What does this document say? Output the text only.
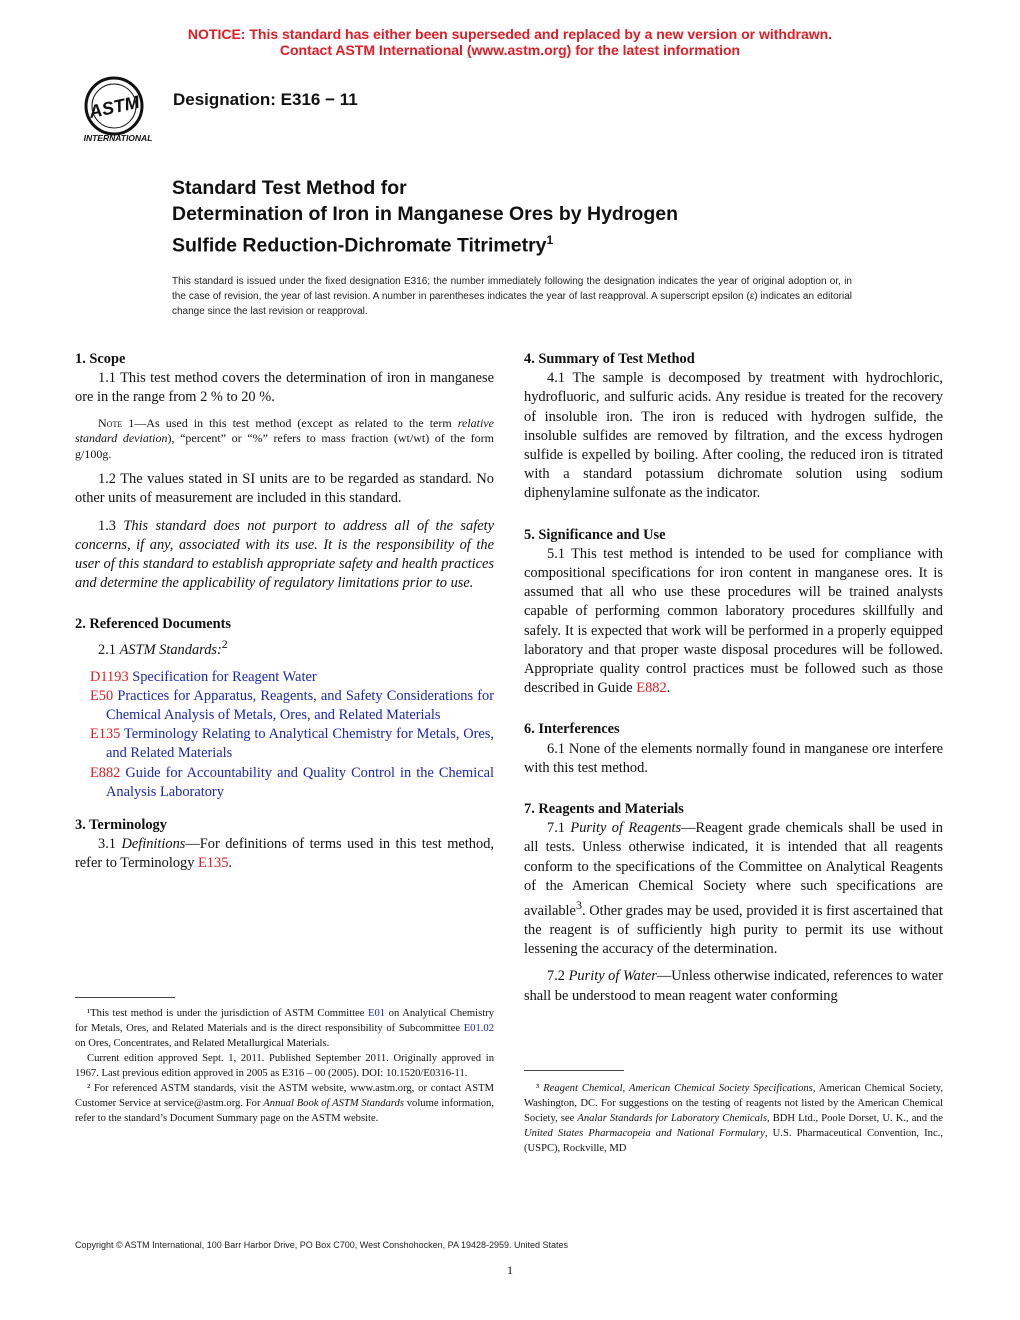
NOTICE: This standard has either been superseded and replaced by a new version or withdrawn.
Contact ASTM International (www.astm.org) for the latest information
ASTM
INTERNATIONAL
Designation: E316 − 11
Standard Test Method for
Determination of Iron in Manganese Ores by Hydrogen
Sulfide Reduction-Dichromate Titrimetry$^1$
This standard is issued under the fixed designation E316; the number immediately following the designation indicates the year of original adoption or, in the case of revision, the year of last revision. A number in parentheses indicates the year of last reapproval. A superscript epsilon (ε) indicates an editorial change since the last revision or reapproval.

1. Scope

1.1 This test method covers the determination of iron in manganese ore in the range from 2 % to 20 %.

Note 1—As used in this test method (except as related to the term relative standard deviation), “percent” or “%” refers to mass fraction (wt/wt) of the form g/100g.

1.2 The values stated in SI units are to be regarded as standard. No other units of measurement are included in this standard.

1.3 This standard does not purport to address all of the safety concerns, if any, associated with its use. It is the responsibility of the user of this standard to establish appropriate safety and health practices and determine the applicability of regulatory limitations prior to use.

2. Referenced Documents

2.1 ASTM Standards:$^2$

D1193 Specification for Reagent Water

E50 Practices for Apparatus, Reagents, and Safety Considerations for Chemical Analysis of Metals, Ores, and Related Materials

E135 Terminology Relating to Analytical Chemistry for Metals, Ores, and Related Materials

E882 Guide for Accountability and Quality Control in the Chemical Analysis Laboratory

3. Terminology

3.1 Definitions—For definitions of terms used in this test method, refer to Terminology E135.

4. Summary of Test Method

4.1 The sample is decomposed by treatment with hydrochloric, hydrofluoric, and sulfuric acids. Any residue is treated for the recovery of insoluble iron. The iron is reduced with hydrogen sulfide, the insoluble sulfides are removed by filtration, and the excess hydrogen sulfide is expelled by boiling. After cooling, the reduced iron is titrated with a standard potassium dichromate solution using sodium diphenylamine sulfonate as the indicator.

5. Significance and Use

5.1 This test method is intended to be used for compliance with compositional specifications for iron content in manganese ores. It is assumed that all who use these procedures will be trained analysts capable of performing common laboratory procedures skillfully and safely. It is expected that work will be performed in a properly equipped laboratory and that proper waste disposal procedures will be followed. Appropriate quality control practices must be followed such as those described in Guide E882.

6. Interferences

6.1 None of the elements normally found in manganese ore interfere with this test method.

7. Reagents and Materials

7.1 Purity of Reagents—Reagent grade chemicals shall be used in all tests. Unless otherwise indicated, it is intended that all reagents conform to the specifications of the Committee on Analytical Reagents of the American Chemical Society where such specifications are available$^3$. Other grades may be used, provided it is first ascertained that the reagent is of sufficiently high purity to permit its use without lessening the accuracy of the determination.

7.2 Purity of Water—Unless otherwise indicated, references to water shall be understood to mean reagent water conforming

¹This test method is under the jurisdiction of ASTM Committee E01 on Analytical Chemistry for Metals, Ores, and Related Materials and is the direct responsibility of Subcommittee E01.02 on Ores, Concentrates, and Related Metallurgical Materials.

Current edition approved Sept. 1, 2011. Published September 2011. Originally approved in 1967. Last previous edition approved in 2005 as E316 – 00 (2005). DOI: 10.1520/E0316-11.

² For referenced ASTM standards, visit the ASTM website, www.astm.org, or contact ASTM Customer Service at service@astm.org. For Annual Book of ASTM Standards volume information, refer to the standard’s Document Summary page on the ASTM website.

³ Reagent Chemical, American Chemical Society Specifications, American Chemical Society, Washington, DC. For suggestions on the testing of reagents not listed by the American Chemical Society, see Analar Standards for Laboratory Chemicals, BDH Ltd., Poole Dorset, U. K., and the United States Pharmacopeia and National Formulary, U.S. Pharmaceutical Convention, Inc., (USPC), Rockville, MD

Copyright © ASTM International, 100 Barr Harbor Drive, PO Box C700, West Conshohocken, PA 19428-2959. United States
1
